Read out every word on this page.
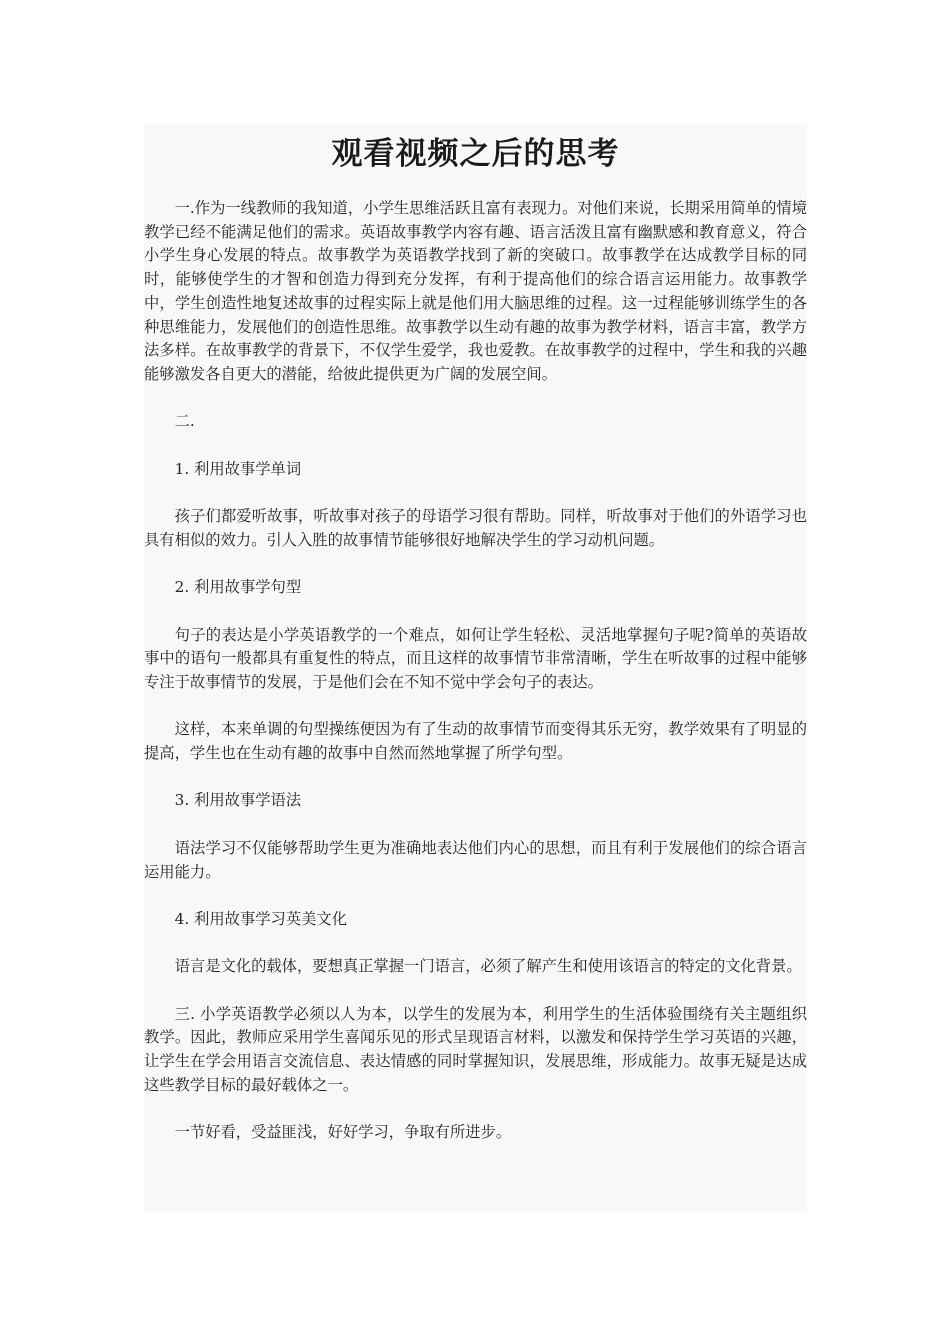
观看视频之后的思考

一.作为一线教师的我知道，小学生思维活跃且富有表现力。对他们来说，长期采用简单的情境教学已经不能满足他们的需求。英语故事教学内容有趣、语言活泼且富有幽默感和教育意义，符合小学生身心发展的特点。故事教学为英语教学找到了新的突破口。故事教学在达成教学目标的同时，能够使学生的才智和创造力得到充分发挥，有利于提高他们的综合语言运用能力。故事教学中，学生创造性地复述故事的过程实际上就是他们用大脑思维的过程。这一过程能够训练学生的各种思维能力，发展他们的创造性思维。故事教学以生动有趣的故事为教学材料，语言丰富，教学方法多样。在故事教学的背景下，不仅学生爱学，我也爱教。在故事教学的过程中，学生和我的兴趣能够激发各自更大的潜能，给彼此提供更为广阔的发展空间。

二.

1. 利用故事学单词

孩子们都爱听故事，听故事对孩子的母语学习很有帮助。同样，听故事对于他们的外语学习也具有相似的效力。引人入胜的故事情节能够很好地解决学生的学习动机问题。

2. 利用故事学句型

句子的表达是小学英语教学的一个难点，如何让学生轻松、灵活地掌握句子呢?简单的英语故事中的语句一般都具有重复性的特点，而且这样的故事情节非常清晰，学生在听故事的过程中能够专注于故事情节的发展，于是他们会在不知不觉中学会句子的表达。

这样，本来单调的句型操练便因为有了生动的故事情节而变得其乐无穷，教学效果有了明显的提高，学生也在生动有趣的故事中自然而然地掌握了所学句型。

3. 利用故事学语法

语法学习不仅能够帮助学生更为准确地表达他们内心的思想，而且有利于发展他们的综合语言运用能力。

4. 利用故事学习英美文化

语言是文化的载体，要想真正掌握一门语言，必须了解产生和使用该语言的特定的文化背景。

三. 小学英语教学必须以人为本，以学生的发展为本，利用学生的生活体验围绕有关主题组织教学。因此，教师应采用学生喜闻乐见的形式呈现语言材料，以激发和保持学生学习英语的兴趣，让学生在学会用语言交流信息、表达情感的同时掌握知识，发展思维，形成能力。故事无疑是达成这些教学目标的最好载体之一。

一节好看，受益匪浅，好好学习，争取有所进步。
